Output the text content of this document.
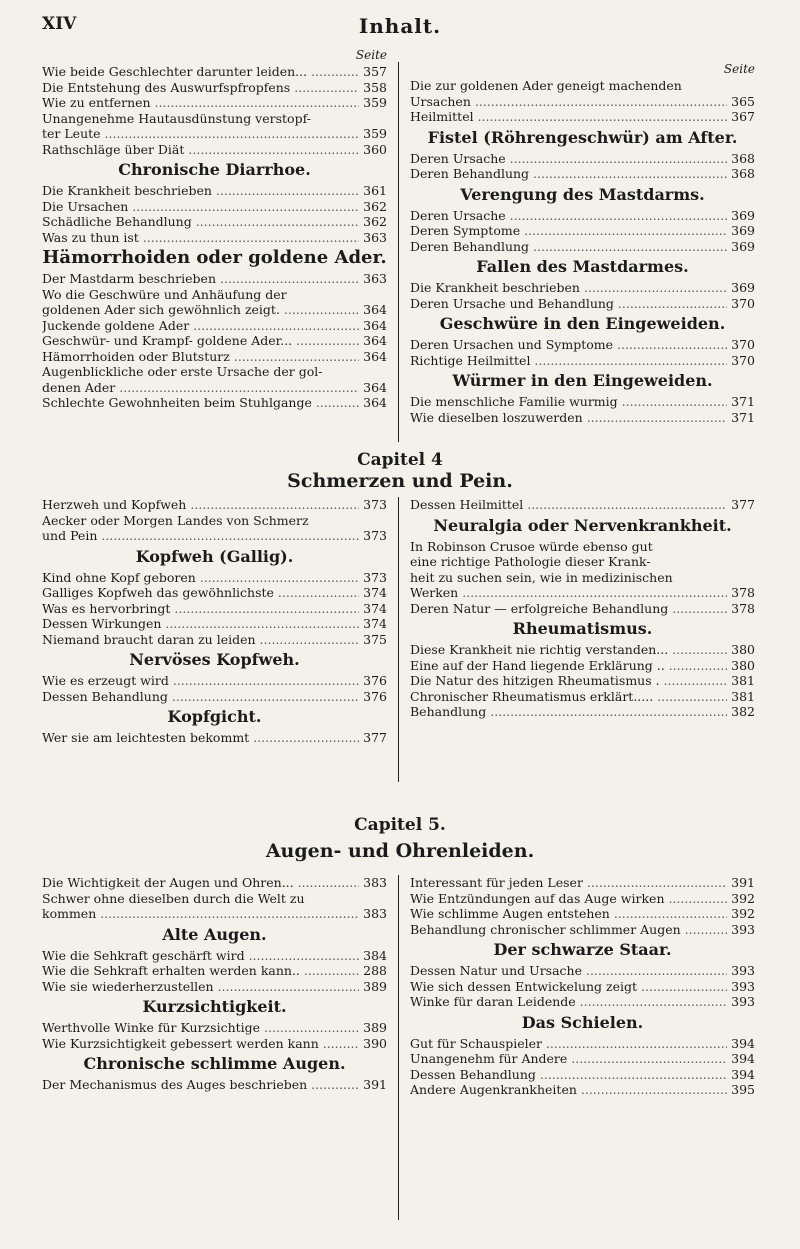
XIV	Inhalt.
Seite
Wie beide Geschlechter darunter leiden... .....	357
Die Entstehung des Auswurfspfropfens .....	358
Wie zu entfernen .....	359
Unangenehme Hautausdünstung verstopf-
ter Leute .....	359
Rathschläge über Diät .....	360
Chronische Diarrhoe.
Die Krankheit beschrieben .....	361
Die Ursachen .....	362
Schädliche Behandlung .....	362
Was zu thun ist .....	363
Hämorrhoiden oder goldene Ader.
Der Mastdarm beschrieben .....	363
Wo die Geschwüre und Anhäufung der
goldenen Ader sich gewöhnlich zeigt. .....	364
Juckende goldene Ader .....	364
Geschwür- und Krampf- goldene Ader... .....	364
Hämorrhoiden oder Blutsturz .....	364
Augenblickliche oder erste Ursache der gol-
denen Ader .....	364
Schlechte Gewohnheiten beim Stuhlgange .....	364
Seite
Die zur goldenen Ader geneigt machenden
Ursachen .....	365
Heilmittel .....	367
Fistel (Röhrengeschwür) am After.
Deren Ursache .....	368
Deren Behandlung .....	368
Verengung des Mastdarms.
Deren Ursache .....	369
Deren Symptome .....	369
Deren Behandlung .....	369
Fallen des Mastdarmes.
Die Krankheit beschrieben .....	369
Deren Ursache und Behandlung .....	370
Geschwüre in den Eingeweiden.
Deren Ursachen und Symptome .....	370
Richtige Heilmittel .....	370
Würmer in den Eingeweiden.
Die menschliche Familie wurmig .....	371
Wie dieselben loszuwerden .....	371
Capitel 4
Schmerzen und Pein.
Herzweh und Kopfweh .....	373
Aecker oder Morgen Landes von Schmerz
und Pein .....	373
Kopfweh (Gallig).
Kind ohne Kopf geboren .....	373
Galliges Kopfweh das gewöhnlichste .....	374
Was es hervorbringt .....	374
Dessen Wirkungen .....	374
Niemand braucht daran zu leiden .....	375
Nervöses Kopfweh.
Wie es erzeugt wird .....	376
Dessen Behandlung .....	376
Kopfgicht.
Wer sie am leichtesten bekommt .....	377
Dessen Heilmittel .....	377
Neuralgia oder Nervenkrankheit.
In Robinson Crusoe würde ebenso gut
eine richtige Pathologie dieser Krank-
heit zu suchen sein, wie in medizinischen
Werken .....	378
Deren Natur — erfolgreiche Behandlung .....	378
Rheumatismus.
Diese Krankheit nie richtig verstanden... .....	380
Eine auf der Hand liegende Erklärung .. .....	380
Die Natur des hitzigen Rheumatismus . .....	381
Chronischer Rheumatismus erklärt..... .....	381
Behandlung .....	382
Capitel 5.
Augen- und Ohrenleiden.
Die Wichtigkeit der Augen und Ohren... .....	383
Schwer ohne dieselben durch die Welt zu
kommen .....	383
Alte Augen.
Wie die Sehkraft geschärft wird .....	384
Wie die Sehkraft erhalten werden kann.. .....	288
Wie sie wiederherzustellen .....	389
Kurzsichtigkeit.
Werthvolle Winke für Kurzsichtige .....	389
Wie Kurzsichtigkeit gebessert werden kann .....	390
Chronische schlimme Augen.
Der Mechanismus des Auges beschrieben .....	391
Interessant für jeden Leser .....	391
Wie Entzündungen auf das Auge wirken .....	392
Wie schlimme Augen entstehen .....	392
Behandlung chronischer schlimmer Augen .....	393
Der schwarze Staar.
Dessen Natur und Ursache .....	393
Wie sich dessen Entwickelung zeigt .....	393
Winke für daran Leidende .....	393
Das Schielen.
Gut für Schauspieler .....	394
Unangenehm für Andere .....	394
Dessen Behandlung .....	394
Andere Augenkrankheiten .....	395
